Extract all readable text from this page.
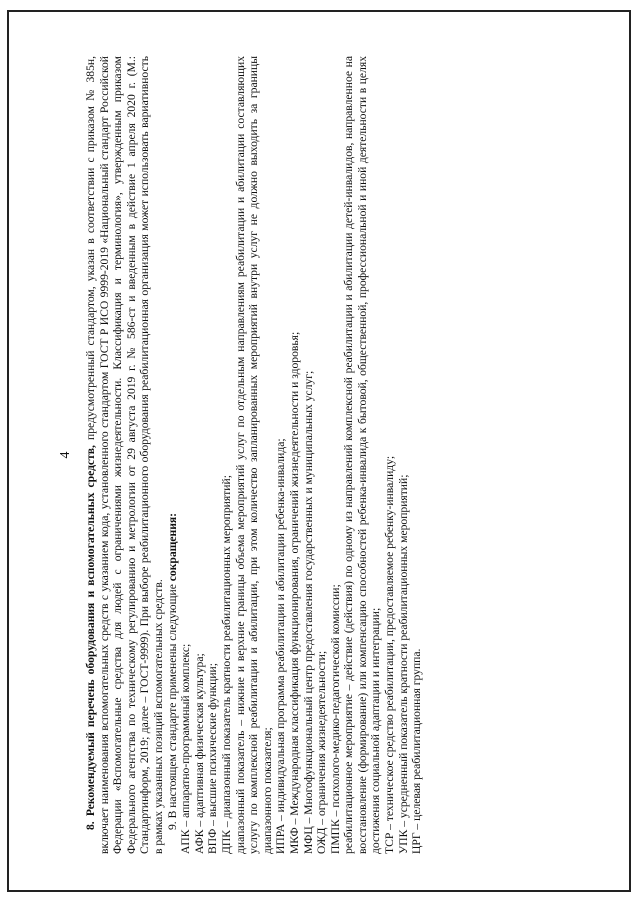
4 8. Рекомендуемый перечень оборудования и вспомогательных средств, предусмотренный стандартом, указан в соответствии с приказом № 385н, включает наименования вспомогательных средств с указанием кода, установленного стандартом ГОСТ Р ИСО 9999-2019 «Национальный стандарт Российской Федерации «Вспомогательные средства для людей с ограничениями жизнедеятельности. Классификация и терминология», утвержденным приказом Федерального агентства по техническому регулированию и метрологии от 29 августа 2019 г. № 586-ст и введенным в действие 1 апреля 2020 г. (М.: Стандартинформ, 2019; далее – ГОСТ-9999). При выборе реабилитационного оборудования реабилитационная организация может использовать вариативность в рамках указанных позиций вспомогательных средств. 9. В настоящем стандарте применены следующие сокращения:

АПК – аппаратно-программный комплекс; АФК – адаптивная физическая культура; ВПФ – высшие психические функции; ДПК – диапазонный показатель кратности реабилитационных мероприятий; диапазонный показатель – нижние и верхние границы объема мероприятий услуг по отдельным направлениям реабилитации и абилитации составляющих услугу по комплексной реабилитации и абилитации, при этом количество запланированных мероприятий внутри услуг не должно выходить за границы диапазонного показателя; ИПРА – индивидуальная программа реабилитации и абилитации ребенка-инвалида; МКФ – Международная классификация функционирования, ограничений жизнедеятельности и здоровья; МФЦ – Многофункциональный центр предоставления государственных и муниципальных услуг; ОЖД – ограничения жизнедеятельности; ПМПК – психолого-медико-педагогической комиссии; реабилитационное мероприятие – действие (действия) по одному из направлений комплексной реабилитации и абилитации детей-инвалидов, направленное на восстановление (формирование) или компенсацию способностей ребенка-инвалида к бытовой, общественной, профессиональной и иной деятельности в целях достижения социальной адаптации и интеграции; ТСР – техническое средство реабилитации, предоставляемое ребенку-инвалиду; УПК – усредненный показатель кратности реабилитационных мероприятий; ЦРГ – целевая реабилитационная группа.
